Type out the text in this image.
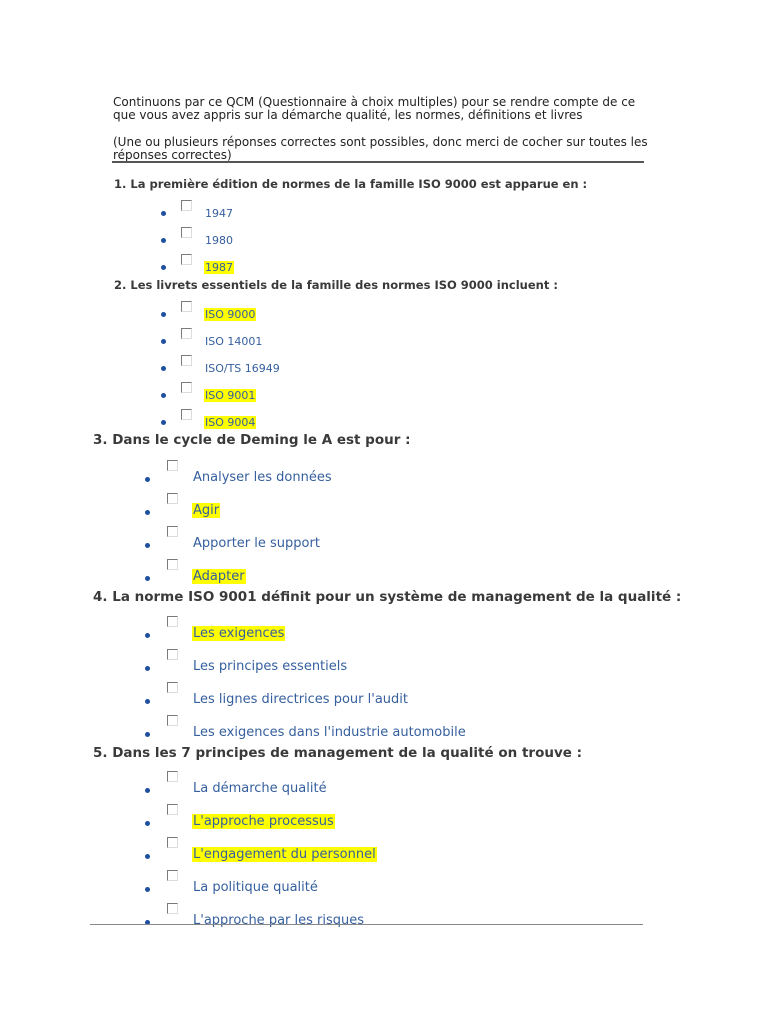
Continuons par ce QCM (Questionnaire à choix multiples) pour se rendre compte de ce que vous avez appris sur la démarche qualité, les normes, définitions et livres

(Une ou plusieurs réponses correctes sont possibles, donc merci de cocher sur toutes les réponses correctes)

1. La première édition de normes de la famille ISO 9000 est apparue en :
1947
1980
1987
2. Les livrets essentiels de la famille des normes ISO 9000 incluent :
ISO 9000
ISO 14001
ISO/TS 16949
ISO 9001
ISO 9004
3. Dans le cycle de Deming le A est pour :
Analyser les données
Agir
Apporter le support
Adapter
4. La norme ISO 9001 définit pour un système de management de la qualité :
Les exigences
Les principes essentiels
Les lignes directrices pour l'audit
Les exigences dans l'industrie automobile
5. Dans les 7 principes de management de la qualité on trouve :
La démarche qualité
L'approche processus
L'engagement du personnel
La politique qualité
L'approche par les risques
